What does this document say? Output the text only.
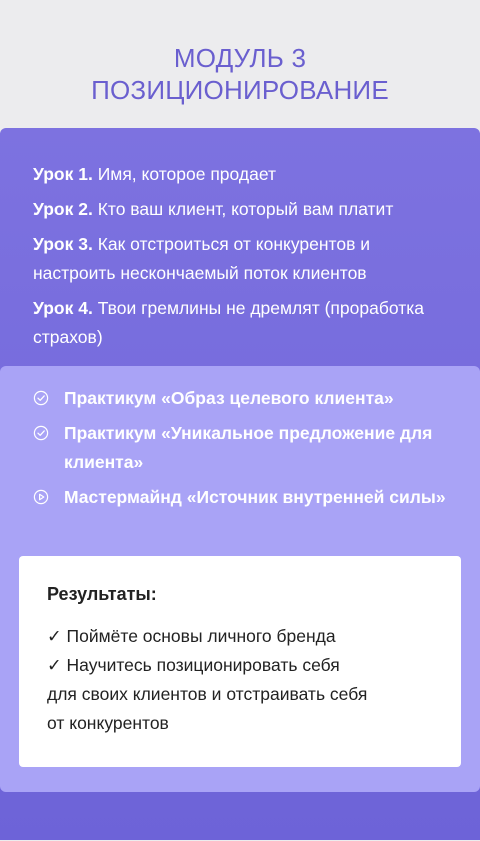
МОДУЛЬ 3
ПОЗИЦИОНИРОВАНИЕ
Урок 1. Имя, которое продает
Урок 2. Кто ваш клиент, который вам платит
Урок 3. Как отстроиться от конкурентов и настроить нескончаемый поток клиентов
Урок 4. Твои гремлины не дремлят (проработка страхов)
Практикум «Образ целевого клиента»
Практикум «Уникальное предложение для клиента»
Мастермайнд «Источник внутренней силы»
Результаты:
✓ Поймёте основы личного бренда
✓ Научитесь позиционировать себя
для своих клиентов и отстраивать себя
от конкурентов
